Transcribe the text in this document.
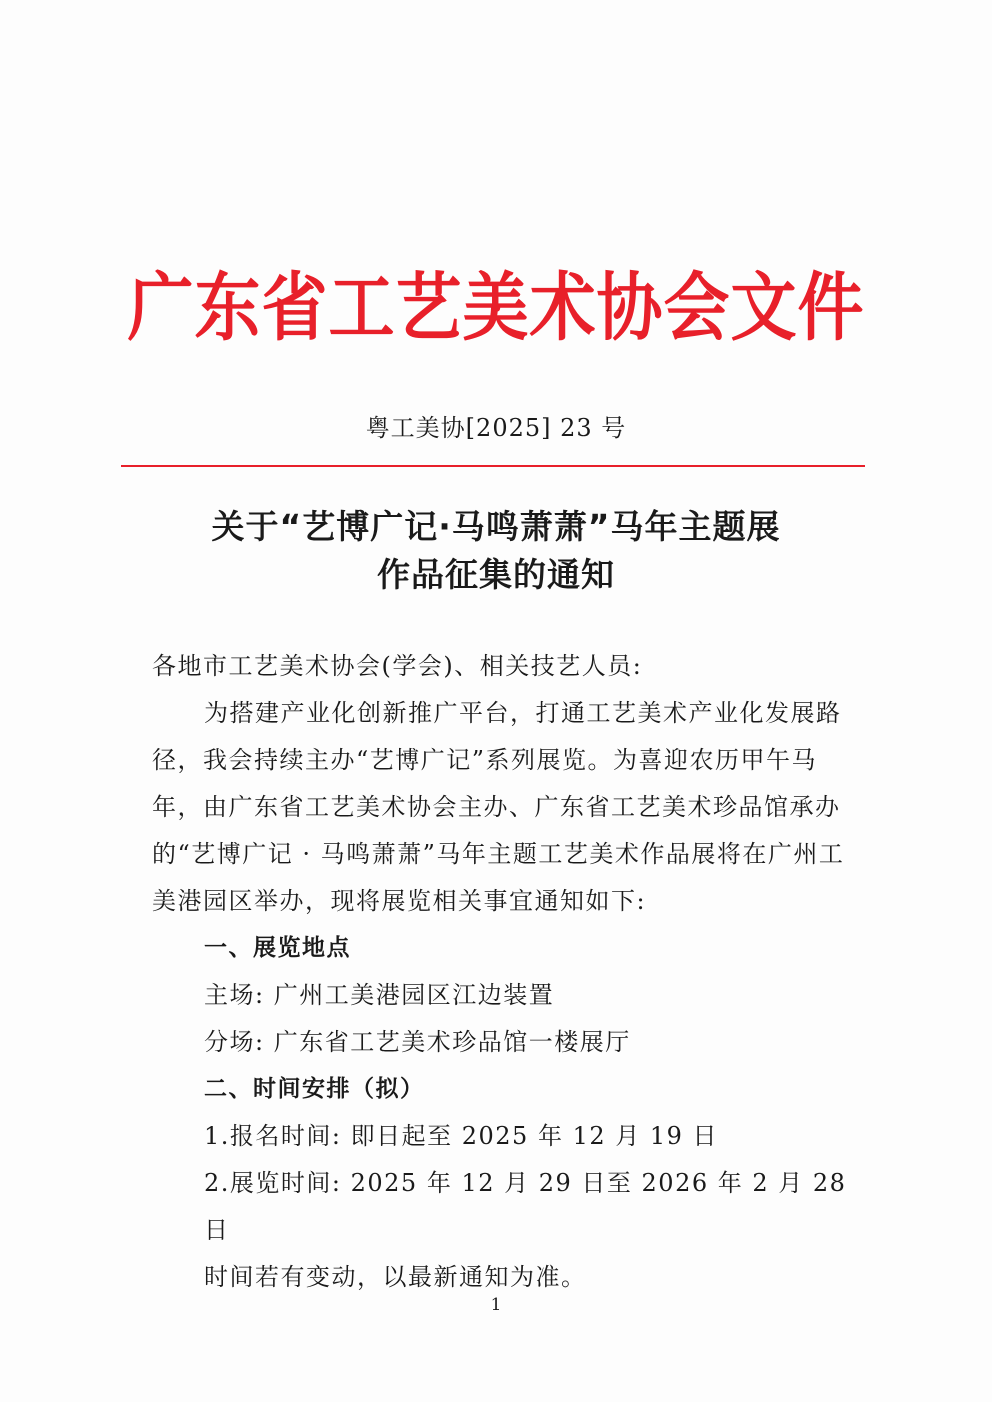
广东省工艺美术协会文件
粤工美协[2025] 23 号
关于“艺博广记·马鸣萧萧”马年主题展
作品征集的通知

各地市工艺美术协会(学会)、相关技艺人员:

为搭建产业化创新推广平台，打通工艺美术产业化发展路径，我会持续主办“艺博广记”系列展览。为喜迎农历甲午马年，由广东省工艺美术协会主办、广东省工艺美术珍品馆承办的“艺博广记 · 马鸣萧萧”马年主题工艺美术作品展将在广州工美港园区举办，现将展览相关事宜通知如下:

一、展览地点

主场: 广州工美港园区江边装置

分场: 广东省工艺美术珍品馆一楼展厅

二、时间安排（拟）

1.报名时间: 即日起至 2025 年 12 月 19 日

2.展览时间: 2025 年 12 月 29 日至 2026 年 2 月 28 日

时间若有变动，以最新通知为准。

1
